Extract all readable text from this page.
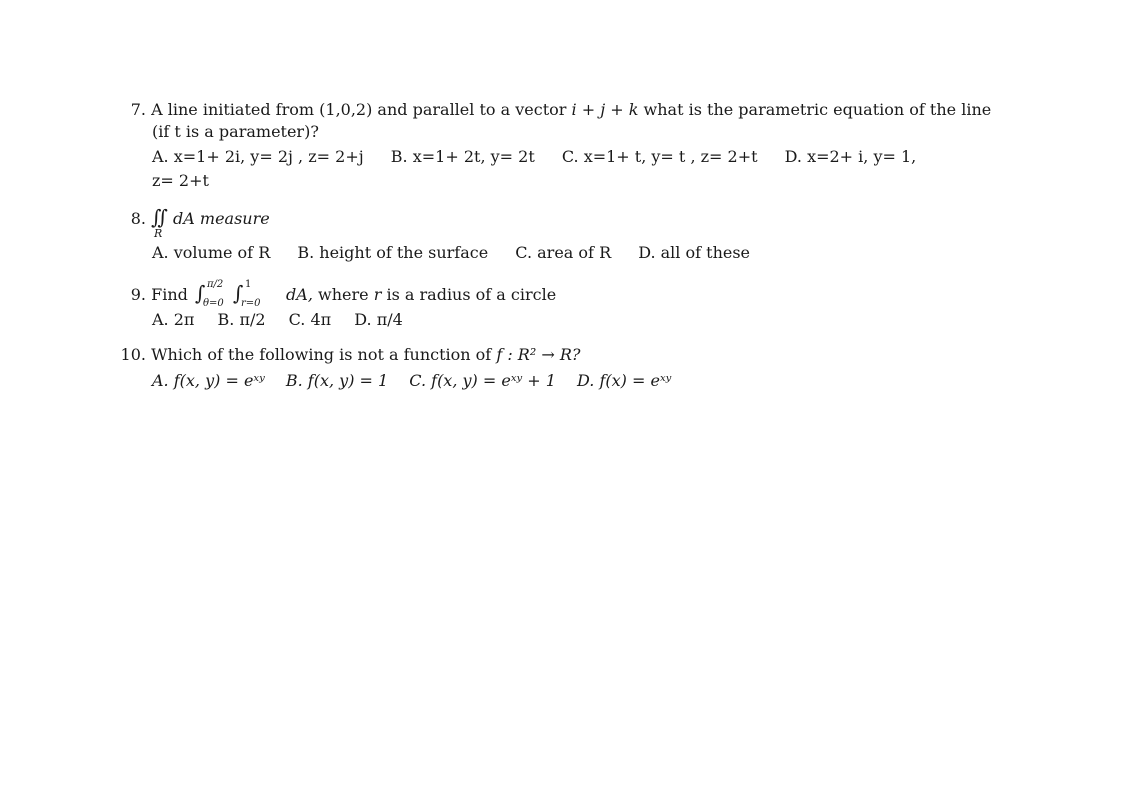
7. A line initiated from (1,0,2) and parallel to a vector i + j + k what is the parametric equation of the line
(if t is a parameter)?
A. x=1+ 2i, y= 2j , z= 2+j B. x=1+ 2t, y= 2t C. x=1+ t, y= t , z= 2+t D. x=2+ i, y= 1,
z= 2+t
8. ∫∫ dA measure
R
A. volume of R B. height of the surface C. area of R D. all of these
9. Find ∫ π/2
θ=0 ∫ 1
r=0 dA, where r is a radius of a circle
A. 2π B. π/2 C. 4π D. π/4
10. Which of the following is not a function of f : R² → R?
A. f(x, y) = eˣʸ B. f(x, y) = 1 C. f(x, y) = eˣʸ + 1 D. f(x) = eˣʸ
